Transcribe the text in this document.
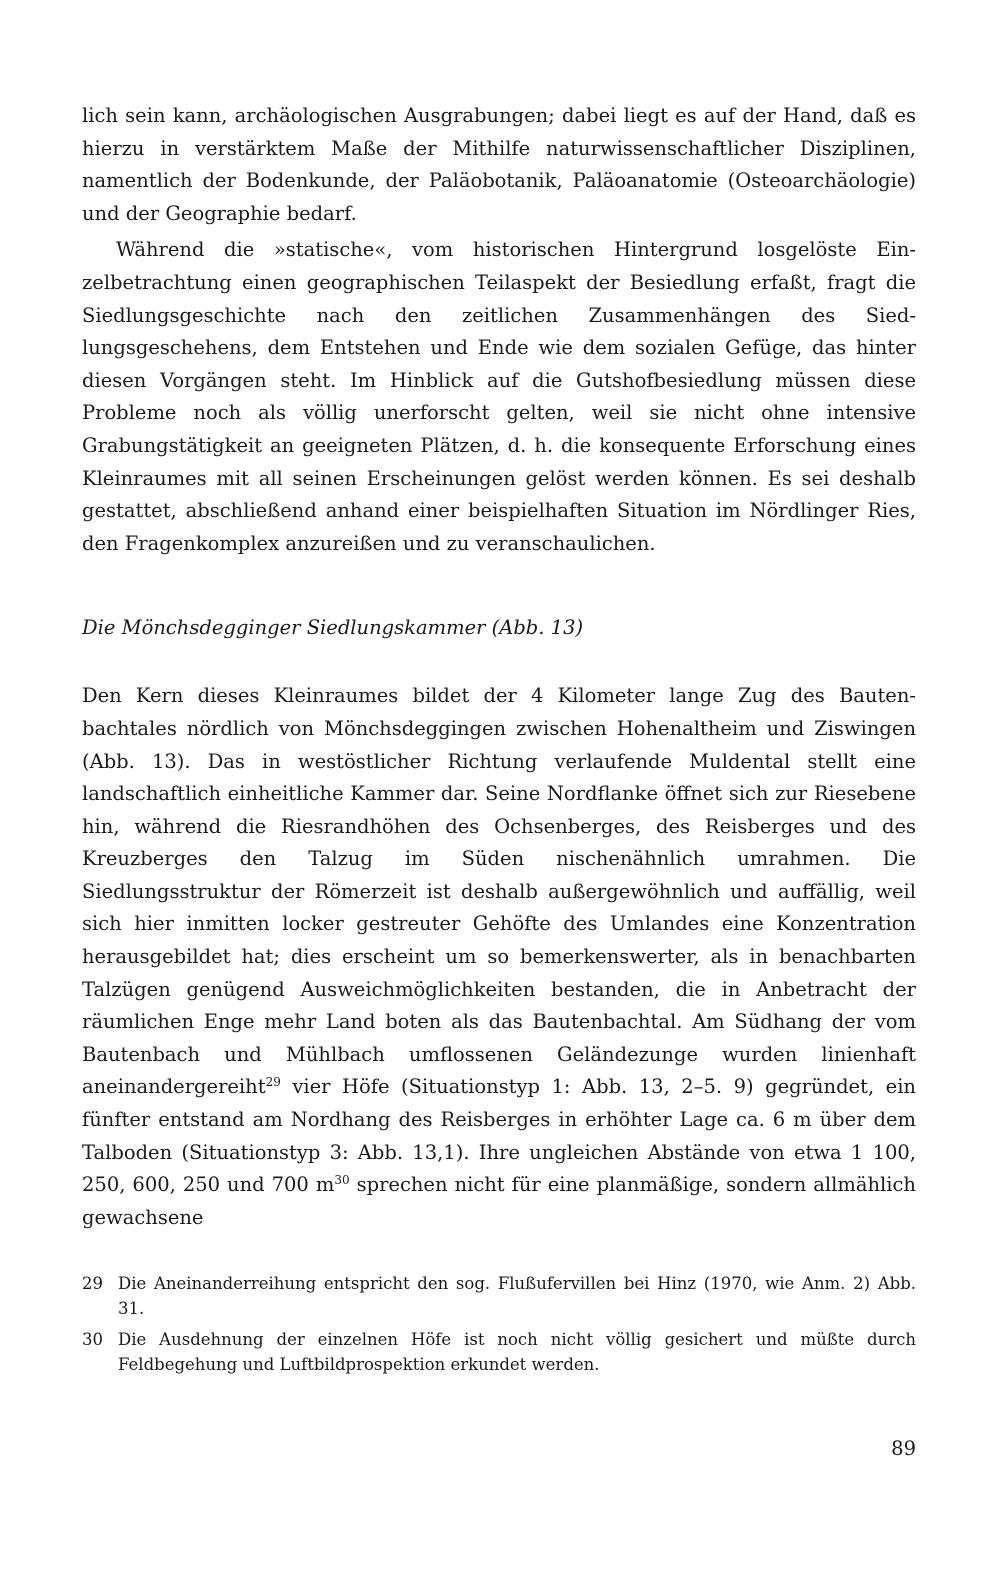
lich sein kann, archäologischen Ausgrabungen; dabei liegt es auf der Hand, daß es hierzu in verstärktem Maße der Mithilfe naturwissenschaftlicher Disziplinen, namentlich der Bodenkunde, der Paläobotanik, Paläoanatomie (Osteoarchäologie) und der Geographie bedarf.

Während die »statische«, vom historischen Hintergrund losgelöste Einzelbetrachtung einen geographischen Teilaspekt der Besiedlung erfaßt, fragt die Siedlungsgeschichte nach den zeitlichen Zusammenhängen des Siedlungsgeschehens, dem Entstehen und Ende wie dem sozialen Gefüge, das hinter diesen Vorgängen steht. Im Hinblick auf die Gutshofbesiedlung müssen diese Probleme noch als völlig unerforscht gelten, weil sie nicht ohne intensive Grabungstätigkeit an geeigneten Plätzen, d. h. die konsequente Erforschung eines Kleinraumes mit all seinen Erscheinungen gelöst werden können. Es sei deshalb gestattet, abschließend anhand einer beispielhaften Situation im Nördlinger Ries, den Fragenkomplex anzureißen und zu veranschaulichen.

Die Mönchsdegginger Siedlungskammer (Abb. 13)

Den Kern dieses Kleinraumes bildet der 4 Kilometer lange Zug des Bautenbachtales nördlich von Mönchsdeggingen zwischen Hohenaltheim und Ziswingen (Abb. 13). Das in westöstlicher Richtung verlaufende Muldental stellt eine landschaftlich einheitliche Kammer dar. Seine Nordflanke öffnet sich zur Riesebene hin, während die Riesrandhöhen des Ochsenberges, des Reisberges und des Kreuzberges den Talzug im Süden nischenähnlich umrahmen. Die Siedlungsstruktur der Römerzeit ist deshalb außergewöhnlich und auffällig, weil sich hier inmitten locker gestreuter Gehöfte des Umlandes eine Konzentration herausgebildet hat; dies erscheint um so bemerkenswerter, als in benachbarten Talzügen genügend Ausweichmöglichkeiten bestanden, die in Anbetracht der räumlichen Enge mehr Land boten als das Bautenbachtal. Am Südhang der vom Bautenbach und Mühlbach umflossenen Geländezunge wurden linienhaft aneinandergereiht$^{29}$ vier Höfe (Situationstyp 1: Abb. 13, 2–5. 9) gegründet, ein fünfter entstand am Nordhang des Reisberges in erhöhter Lage ca. 6 m über dem Talboden (Situationstyp 3: Abb. 13,1). Ihre ungleichen Abstände von etwa 1 100, 250, 600, 250 und 700 $m^{30}$ sprechen nicht für eine planmäßige, sondern allmählich gewachsene

29 Die Aneinanderreihung entspricht den sog. Flußufervillen bei Hinz (1970, wie Anm. 2) Abb. 31.
30 Die Ausdehnung der einzelnen Höfe ist noch nicht völlig gesichert und müßte durch Feldbegehung und Luftbildprospektion erkundet werden.
89
